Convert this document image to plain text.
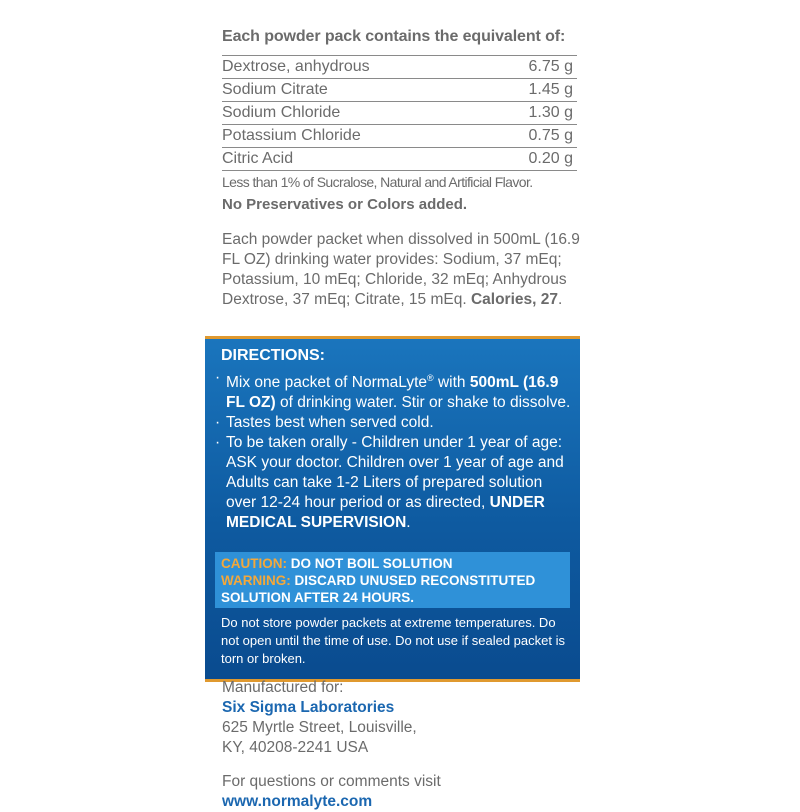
Each powder pack contains the equivalent of:
Dextrose, anhydrous	6.75 g
Sodium Citrate	1.45 g
Sodium Chloride	1.30 g
Potassium Chloride	0.75 g
Citric Acid	0.20 g

Less than 1% of Sucralose, Natural and Artificial Flavor.

No Preservatives or Colors added.

Each powder packet when dissolved in 500mL (16.9 FL OZ) drinking water provides: Sodium, 37 mEq; Potassium, 10 mEq; Chloride, 32 mEq; Anhydrous Dextrose, 37 mEq; Citrate, 15 mEq. Calories, 27.

DIRECTIONS:
· Mix one packet of NormaLyte® with 500mL (16.9 FL OZ) of drinking water. Stir or shake to dissolve.
· Tastes best when served cold.
· To be taken orally - Children under 1 year of age: ASK your doctor. Children over 1 year of age and Adults can take 1-2 Liters of prepared solution over 12-24 hour period or as directed, UNDER MEDICAL SUPERVISION.
CAUTION: DO NOT BOIL SOLUTION
WARNING: DISCARD UNUSED RECONSTITUTED SOLUTION AFTER 24 HOURS.

Do not store powder packets at extreme temperatures. Do not open until the time of use. Do not use if sealed packet is torn or broken.

Manufactured for:

Six Sigma Laboratories

625 Myrtle Street, Louisville,

KY, 40208-2241 USA

For questions or comments visit

www.normalyte.com
